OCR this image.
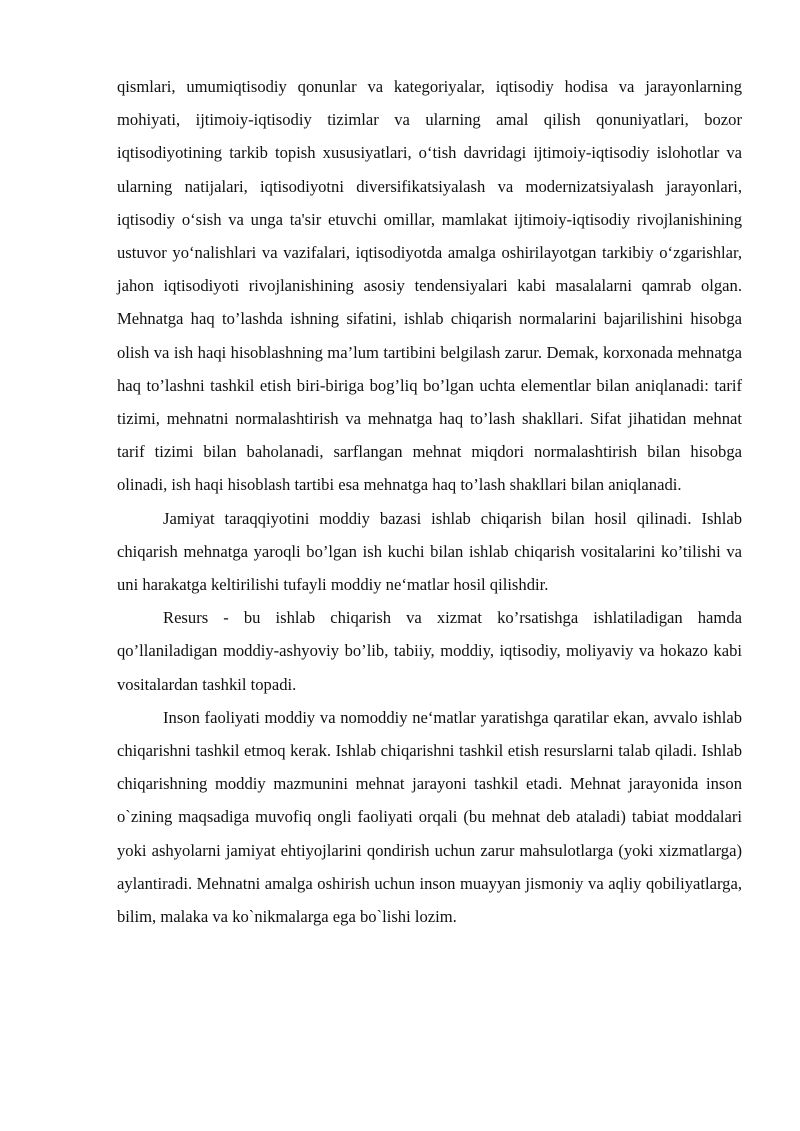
qismlari, umumiqtisodiy qonunlar va kategoriyalar, iqtisodiy hodisa va jarayonlarning mohiyati, ijtimoiy-iqtisodiy tizimlar va ularning amal qilish qonuniyatlari, bozor iqtisodiyotining tarkib topish xususiyatlari, o‘tish davridagi ijtimoiy-iqtisodiy islohotlar va ularning natijalari, iqtisodiyotni diversifikatsiyalash va modernizatsiyalash jarayonlari, iqtisodiy o‘sish va unga ta'sir etuvchi omillar, mamlakat ijtimoiy-iqtisodiy rivojlanishining ustuvor yo‘nalishlari va vazifalari, iqtisodiyotda amalga oshirilayotgan tarkibiy o‘zgarishlar, jahon iqtisodiyoti rivojlanishining asosiy tendensiyalari kabi masalalarni qamrab olgan. Mehnatga haq to’lashda ishning sifatini, ishlab chiqarish normalarini bajarilishini hisobga olish va ish haqi hisoblashning ma’lum tartibini belgilash zarur. Demak, korxonada mehnatga haq to’lashni tashkil etish biri-biriga bog’liq bo’lgan uchta elementlar bilan aniqlanadi: tarif tizimi, mehnatni normalashtirish va mehnatga haq to’lash shakllari. Sifat jihatidan mehnat tarif tizimi bilan baholanadi, sarflangan mehnat miqdori normalashtirish bilan hisobga olinadi, ish haqi hisoblash tartibi esa mehnatga haq to’lash shakllari bilan aniqlanadi.

Jamiyat taraqqiyotini moddiy bazasi ishlab chiqarish bilan hosil qilinadi. Ishlab chiqarish mehnatga yaroqli bo’lgan ish kuchi bilan ishlab chiqarish vositalarini ko’tilishi va uni harakatga keltirilishi tufayli moddiy ne‘matlar hosil qilishdir.

Resurs - bu ishlab chiqarish va xizmat ko’rsatishga ishlatiladigan hamda qo’llaniladigan moddiy-ashyoviy bo’lib, tabiiy, moddiy, iqtisodiy, moliyaviy va hokazo kabi vositalardan tashkil topadi.

Inson faoliyati moddiy va nomoddiy ne‘matlar yaratishga qaratilar ekan, avvalo ishlab chiqarishni tashkil etmoq kerak. Ishlab chiqarishni tashkil etish resurslarni talab qiladi. Ishlab chiqarishning moddiy mazmunini mehnat jarayoni tashkil etadi. Mehnat jarayonida inson o`zining maqsadiga muvofiq ongli faoliyati orqali (bu mehnat deb ataladi) tabiat moddalari yoki ashyolarni jamiyat ehtiyojlarini qondirish uchun zarur mahsulotlarga (yoki xizmatlarga) aylantiradi. Mehnatni amalga oshirish uchun inson muayyan jismoniy va aqliy qobiliyatlarga, bilim, malaka va ko`nikmalarga ega bo`lishi lozim.
